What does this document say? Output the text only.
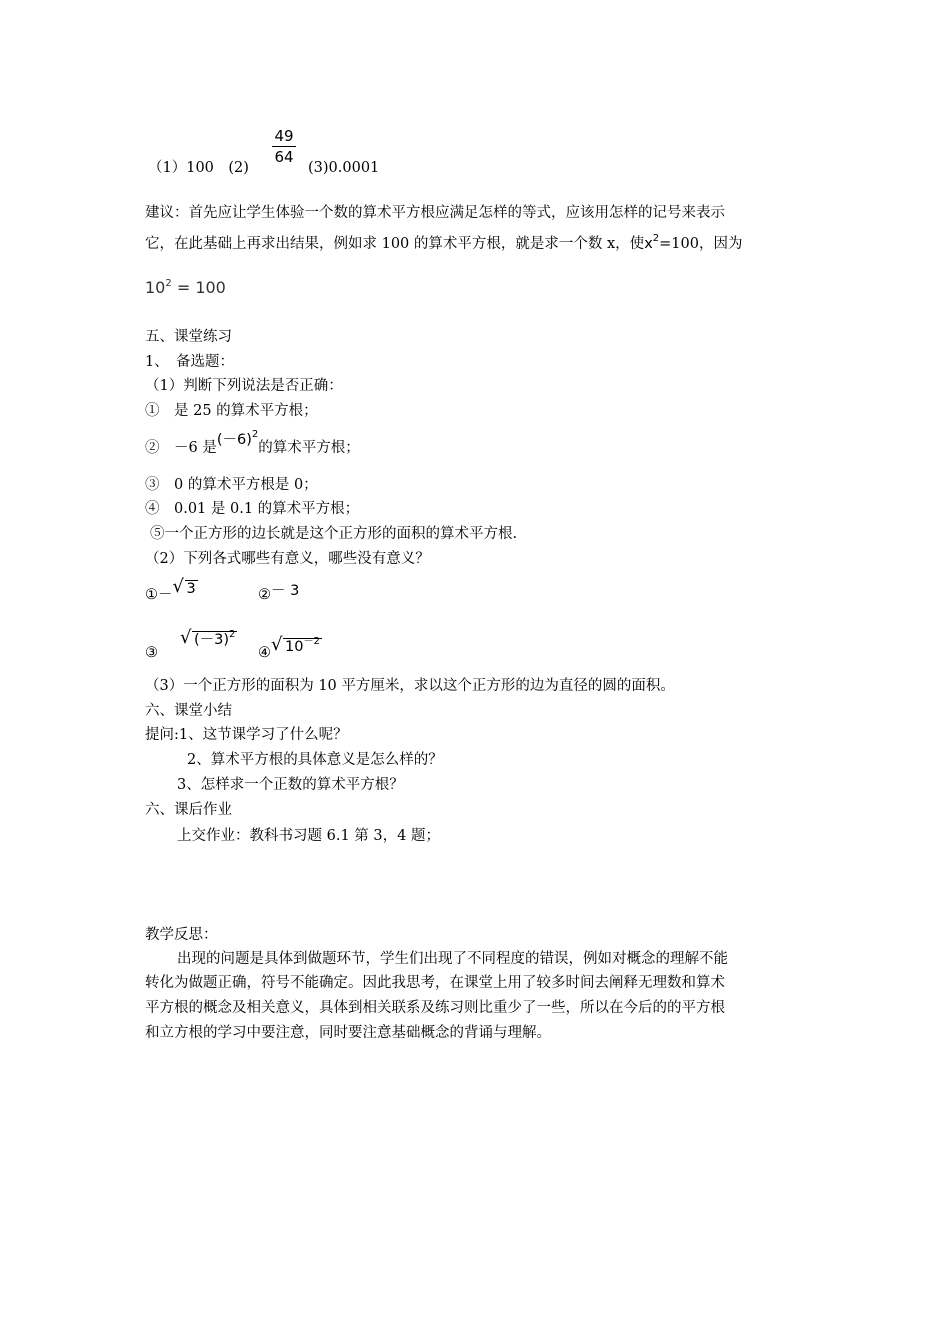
（1）100　(2)
49
64
(3)0.0001
建议：首先应让学生体验一个数的算术平方根应满足怎样的等式，应该用怎样的记号来表示
它，在此基础上再求出结果，例如求 100 的算术平方根，就是求一个数 x，使$x^2=100$，因为
$10^2 = 100$
五、课堂练习
1、　备选题：
（1）判断下列说法是否正确：
①　是 25 的算术平方根；
②　－6 是$(-6)^2$的算术平方根；
③　0 的算术平方根是 0；
④　0.01 是 0.1 的算术平方根；
⑤一个正方形的边长就是这个正方形的面积的算术平方根.
（2）下列各式哪些有意义，哪些没有意义？
①－ √ 3	②－ 3
③
√ $(-3)^2$
④ √ $10^{-2}$
（3）一个正方形的面积为 10 平方厘米，求以这个正方形的边为直径的圆的面积。
六、课堂小结
提问:1、这节课学习了什么呢？
2、算术平方根的具体意义是怎么样的？
3、怎样求一个正数的算术平方根？
六、课后作业
上交作业：教科书习题 6.1 第 3，4 题；
教学反思：
出现的问题是具体到做题环节，学生们出现了不同程度的错误，例如对概念的理解不能
转化为做题正确，符号不能确定。因此我思考，在课堂上用了较多时间去阐释无理数和算术
平方根的概念及相关意义，具体到相关联系及练习则比重少了一些，所以在今后的的平方根
和立方根的学习中要注意，同时要注意基础概念的背诵与理解。
